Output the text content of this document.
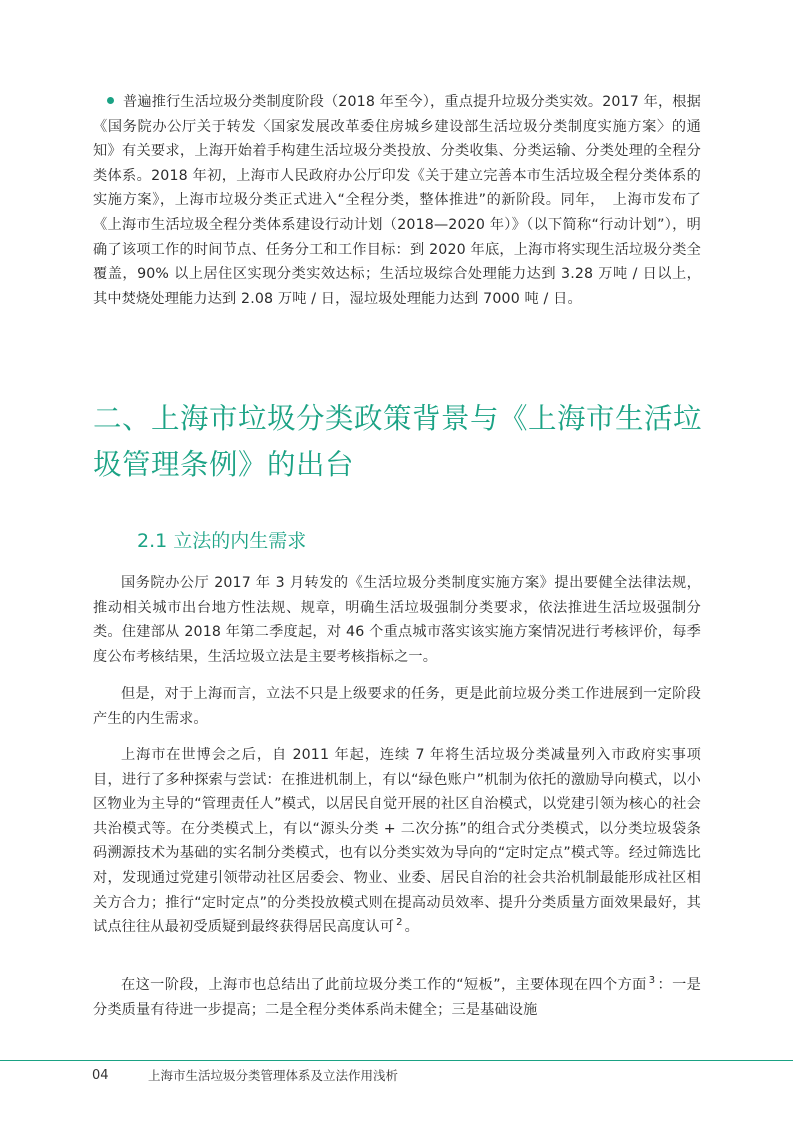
普遍推行生活垃圾分类制度阶段（2018 年至今），重点提升垃圾分类实效。2017 年，根据《国务院办公厅关于转发〈国家发展改革委住房城乡建设部生活垃圾分类制度实施方案〉的通知》有关要求，上海开始着手构建生活垃圾分类投放、分类收集、分类运输、分类处理的全程分类体系。2018 年初，上海市人民政府办公厅印发《关于建立完善本市生活垃圾全程分类体系的实施方案》，上海市垃圾分类正式进入“全程分类，整体推进”的新阶段。同年，　上海市发布了《上海市生活垃圾全程分类体系建设行动计划（2018—2020 年）》（以下简称“行动计划”），明确了该项工作的时间节点、任务分工和工作目标：到 2020 年底，上海市将实现生活垃圾分类全覆盖，90% 以上居住区实现分类实效达标；生活垃圾综合处理能力达到 3.28 万吨 / 日以上，其中焚烧处理能力达到 2.08 万吨 / 日，湿垃圾处理能力达到 7000 吨 / 日。

二、上海市垃圾分类政策背景与《上海市生活垃圾管理条例》的出台
2.1 立法的内生需求

国务院办公厅 2017 年 3 月转发的《生活垃圾分类制度实施方案》提出要健全法律法规，推动相关城市出台地方性法规、规章，明确生活垃圾强制分类要求，依法推进生活垃圾强制分类。住建部从 2018 年第二季度起，对 46 个重点城市落实该实施方案情况进行考核评价，每季度公布考核结果，生活垃圾立法是主要考核指标之一。

但是，对于上海而言，立法不只是上级要求的任务，更是此前垃圾分类工作进展到一定阶段产生的内生需求。

上海市在世博会之后，自 2011 年起，连续 7 年将生活垃圾分类减量列入市政府实事项目，进行了多种探索与尝试：在推进机制上，有以“绿色账户”机制为依托的激励导向模式，以小区物业为主导的“管理责任人”模式，以居民自觉开展的社区自治模式，以党建引领为核心的社会共治模式等。在分类模式上，有以“源头分类 + 二次分拣”的组合式分类模式，以分类垃圾袋条码溯源技术为基础的实名制分类模式，也有以分类实效为导向的“定时定点”模式等。经过筛选比对，发现通过党建引领带动社区居委会、物业、业委、居民自治的社会共治机制最能形成社区相关方合力；推行“定时定点”的分类投放模式则在提高动员效率、提升分类质量方面效果最好，其试点往往从最初受质疑到最终获得居民高度认可 $^2$ 。

在这一阶段，上海市也总结出了此前垃圾分类工作的“短板”，主要体现在四个方面 $^3$ ：一是分类质量有待进一步提高；二是全程分类体系尚未健全；三是基础设施

04	上海市生活垃圾分类管理体系及立法作用浅析
